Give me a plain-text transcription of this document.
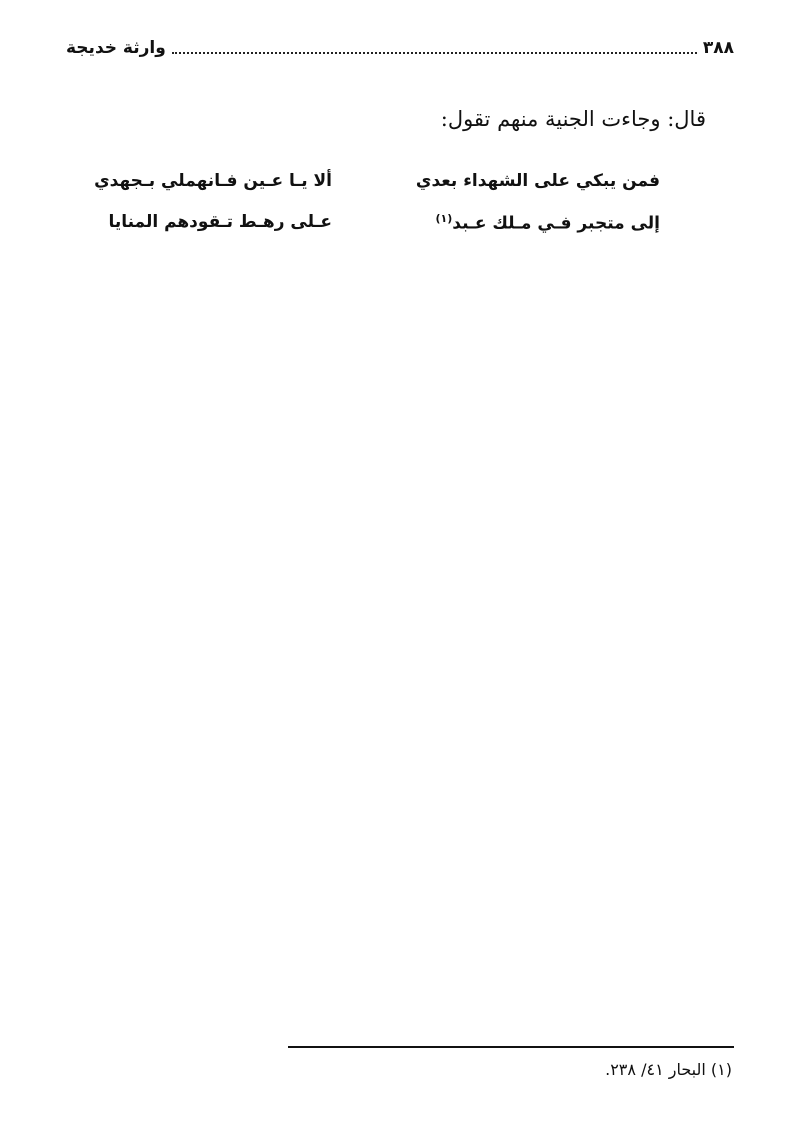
٣٨٨
وارثة خديجة
قال: وجاءت الجنية منهم تقول:
فمن يبكي على الشهداء بعدي
ألا يـا عـين فـانهملي بـجهدي
إلى متجبر فـي مـلك عـبد$^{(١)}$
عـلى رهـط تـقودهم المنايا
(١) البحار ٤١/ ٢٣٨.
